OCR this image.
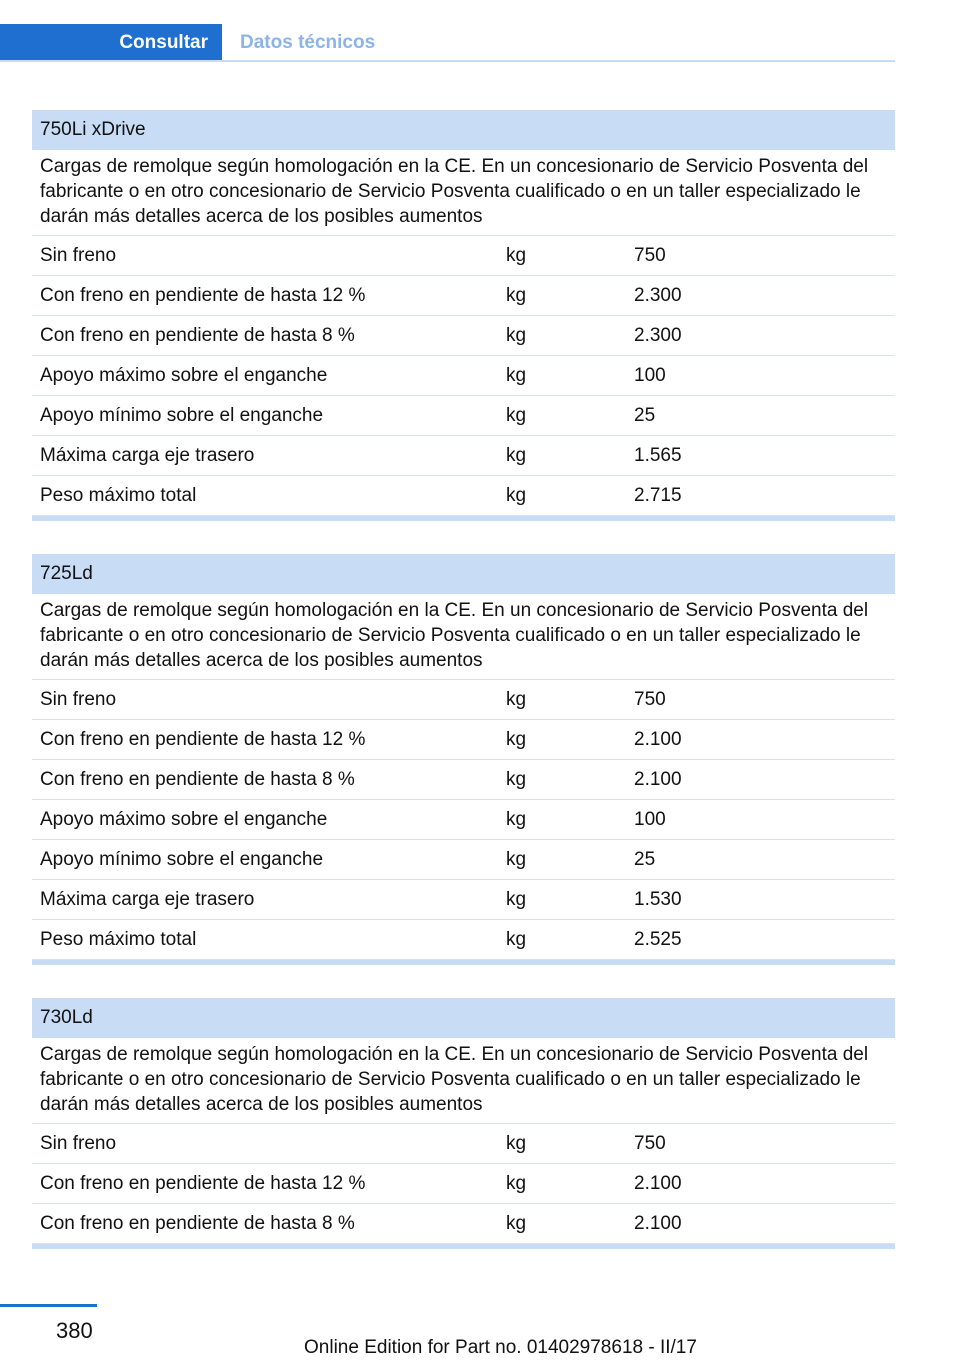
Consultar	Datos técnicos
750Li xDrive
Cargas de remolque según homologación en la CE. En un concesionario de Servicio Posventa del fabricante o en otro concesionario de Servicio Posventa cualificado o en un taller especializado le darán más detalles acerca de los posibles aumentos
Sin freno	kg	750
Con freno en pendiente de hasta 12 %	kg	2.300
Con freno en pendiente de hasta 8 %	kg	2.300
Apoyo máximo sobre el enganche	kg	100
Apoyo mínimo sobre el enganche	kg	25
Máxima carga eje trasero	kg	1.565
Peso máximo total	kg	2.715
725Ld
Cargas de remolque según homologación en la CE. En un concesionario de Servicio Posventa del fabricante o en otro concesionario de Servicio Posventa cualificado o en un taller especializado le darán más detalles acerca de los posibles aumentos
Sin freno	kg	750
Con freno en pendiente de hasta 12 %	kg	2.100
Con freno en pendiente de hasta 8 %	kg	2.100
Apoyo máximo sobre el enganche	kg	100
Apoyo mínimo sobre el enganche	kg	25
Máxima carga eje trasero	kg	1.530
Peso máximo total	kg	2.525
730Ld
Cargas de remolque según homologación en la CE. En un concesionario de Servicio Posventa del fabricante o en otro concesionario de Servicio Posventa cualificado o en un taller especializado le darán más detalles acerca de los posibles aumentos
Sin freno	kg	750
Con freno en pendiente de hasta 12 %	kg	2.100
Con freno en pendiente de hasta 8 %	kg	2.100
380
Online Edition for Part no. 01402978618 - II/17
